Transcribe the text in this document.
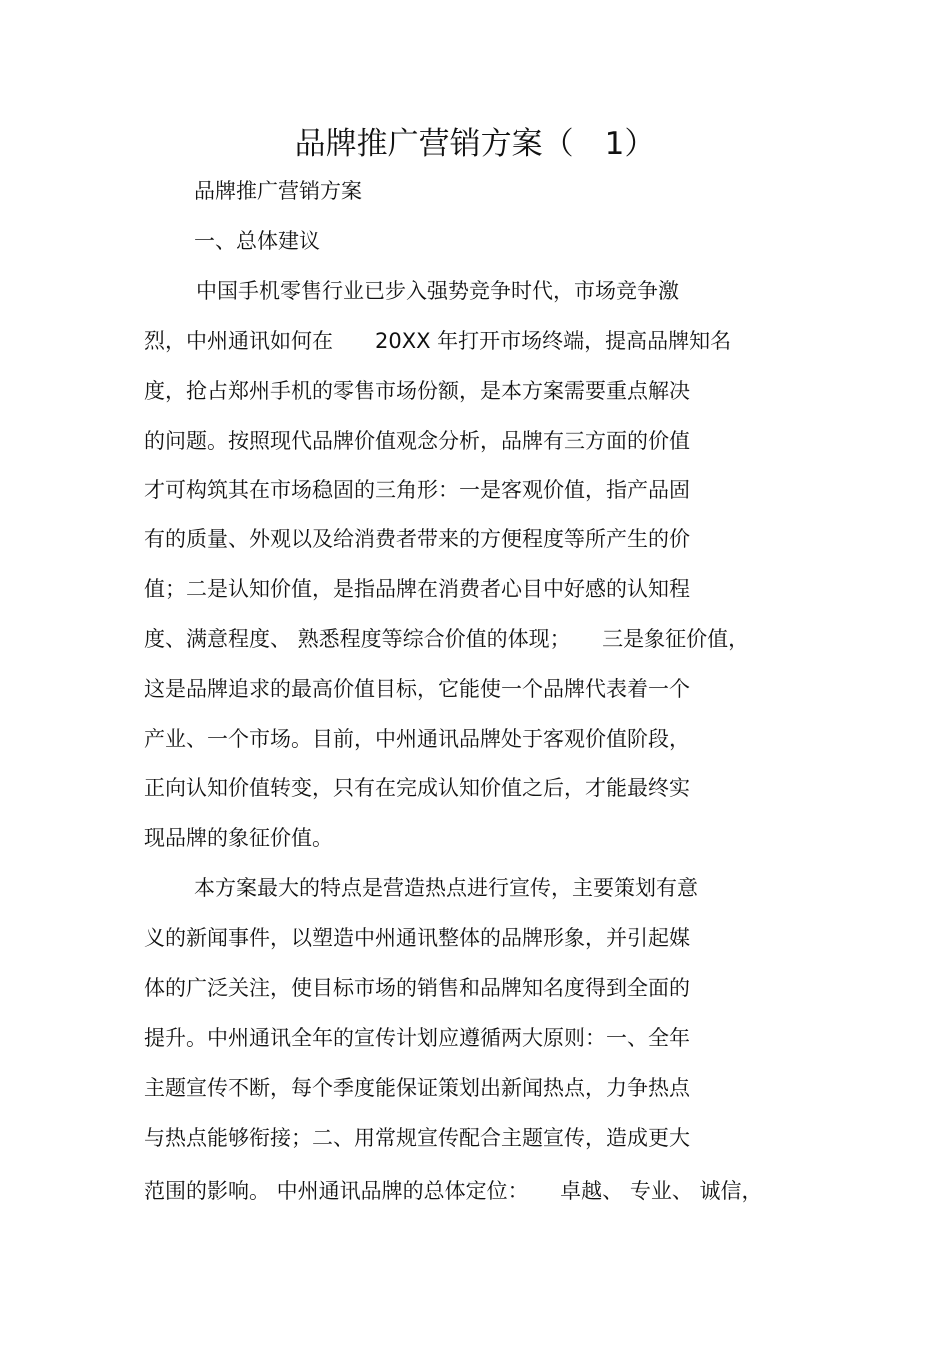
品牌推广营销方案（　1）
品牌推广营销方案
一、总体建议
中国手机零售行业已步入强势竞争时代，市场竞争激
烈，中州通讯如何在　　20XX 年打开市场终端，提高品牌知名
度，抢占郑州手机的零售市场份额，是本方案需要重点解决
的问题。按照现代品牌价值观念分析，品牌有三方面的价值
才可构筑其在市场稳固的三角形：一是客观价值，指产品固
有的质量、外观以及给消费者带来的方便程度等所产生的价
值；二是认知价值，是指品牌在消费者心目中好感的认知程
度、满意程度、 熟悉程度等综合价值的体现；　　三是象征价值，
这是品牌追求的最高价值目标，它能使一个品牌代表着一个
产业、一个市场。目前，中州通讯品牌处于客观价值阶段，
正向认知价值转变，只有在完成认知价值之后，才能最终实
现品牌的象征价值。
本方案最大的特点是营造热点进行宣传，主要策划有意
义的新闻事件，以塑造中州通讯整体的品牌形象，并引起媒
体的广泛关注，使目标市场的销售和品牌知名度得到全面的
提升。中州通讯全年的宣传计划应遵循两大原则：一、全年
主题宣传不断，每个季度能保证策划出新闻热点，力争热点
与热点能够衔接；二、用常规宣传配合主题宣传，造成更大
范围的影响。 中州通讯品牌的总体定位：　　卓越、 专业、 诚信，
